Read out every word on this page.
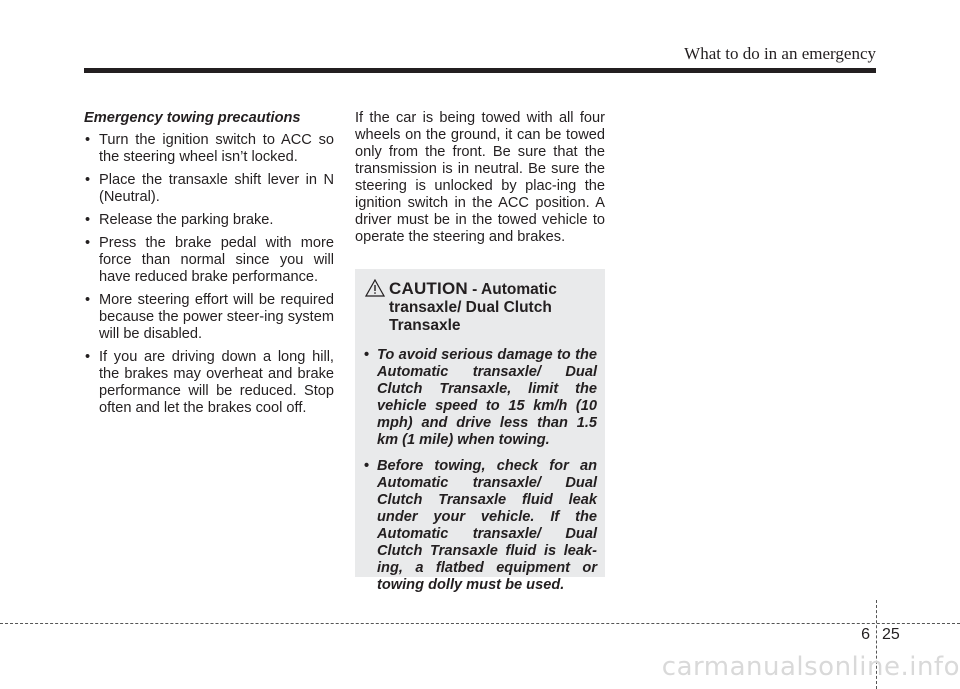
What to do in an emergency
Emergency towing precautions
• Turn the ignition switch to ACC so the steering wheel isn’t locked.
• Place the transaxle shift lever in N (Neutral).
• Release the parking brake.
• Press the brake pedal with more force than normal since you will have reduced brake performance.
• More steering effort will be required because the power steer-ing system will be disabled.
• If you are driving down a long hill, the brakes may overheat and brake performance will be reduced. Stop often and let the brakes cool off.

If the car is being towed with all four wheels on the ground, it can be towed only from the front. Be sure that the transmission is in neutral. Be sure the steering is unlocked by plac-ing the ignition switch in the ACC position. A driver must be in the towed vehicle to operate the steering and brakes.

CAUTION - Automatic transaxle/ Dual Clutch Transaxle
• To avoid serious damage to the Automatic transaxle/ Dual Clutch Transaxle, limit the vehicle speed to 15 km/h (10 mph) and drive less than 1.5 km (1 mile) when towing.
• Before towing, check for an Automatic transaxle/ Dual Clutch Transaxle fluid leak under your vehicle. If the Automatic transaxle/ Dual Clutch Transaxle fluid is leak-ing, a flatbed equipment or towing dolly must be used.
6 25
carmanualsonline.info
